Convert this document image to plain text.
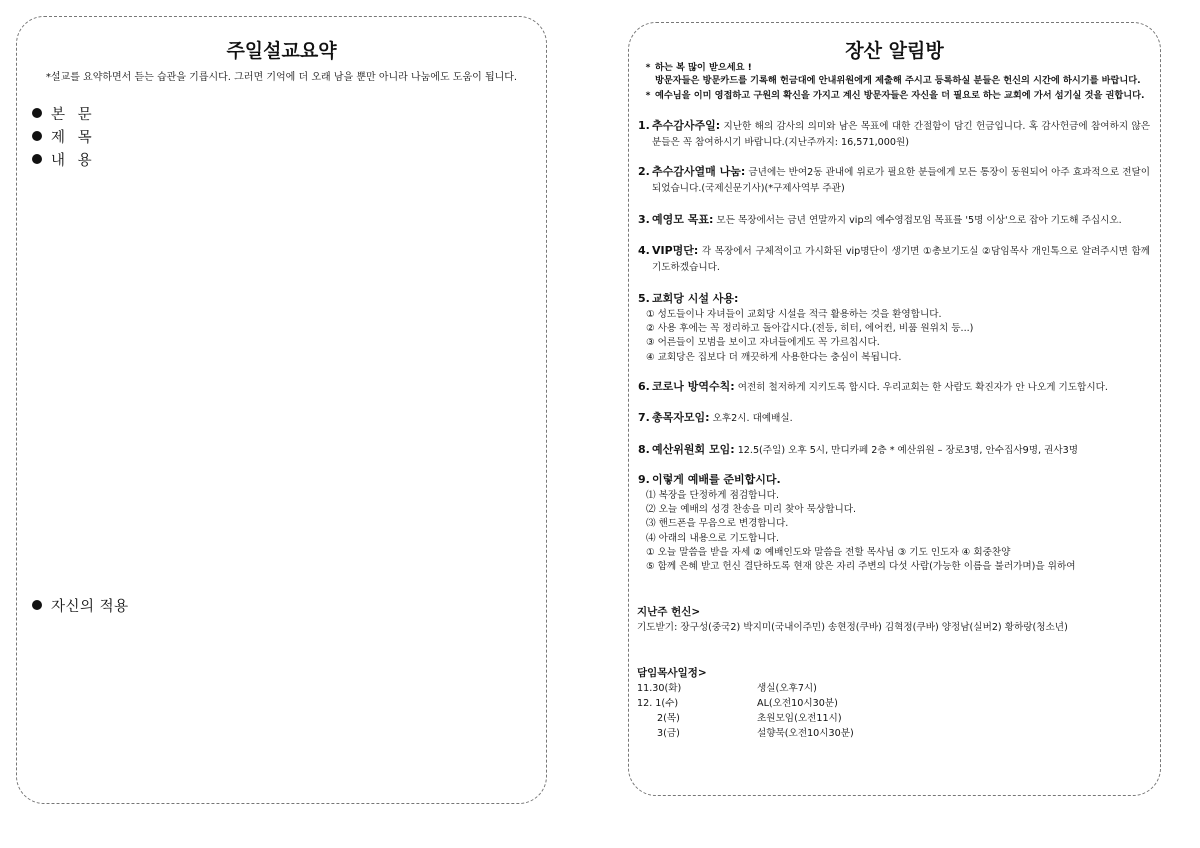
주일설교요약
*설교를 요약하면서 듣는 습관을 기릅시다. 그러면 기억에 더 오래 남을 뿐만 아니라 나눔에도 도움이 됩니다.
본 문
제 목
내 용
자신의 적용
장산 알림방
* 하는 복 많이 받으세요 !
방문자들은 방문카드를 기록해 헌금대에 안내위원에게 제출해 주시고 등록하실 분들은 헌신의 시간에 하시기를 바랍니다.
* 예수님을 이미 영접하고 구원의 확신을 가지고 계신 방문자들은 자신을 더 필요로 하는 교회에 가서 섬기실 것을 권합니다.
1. 추수감사주일: 지난한 해의 감사의 의미와 남은 목표에 대한 간절함이 담긴 헌금입니다. 혹 감사헌금에 참여하지 않은 분들은 꼭 참여하시기 바랍니다.(지난주까지: 16,571,000원)
2. 추수감사열매 나눔: 금년에는 반여2동 관내에 위로가 필요한 분들에게 모든 통장이 동원되어 아주 효과적으로 전달이 되었습니다.(국제신문기사)(*구제사역부 주관)
3. 예영모 목표: 모든 목장에서는 금년 연말까지 vip의 예수영접모임 목표를 '5명 이상'으로 잡아 기도해 주십시오.
4. VIP명단: 각 목장에서 구체적이고 가시화된 vip명단이 생기면 ①총보기도실 ②담임목사 개인톡으로 알려주시면 함께 기도하겠습니다.
5. 교회당 시설 사용:
① 성도들이나 자녀들이 교회당 시설을 적극 활용하는 것을 환영합니다.
② 사용 후에는 꼭 정리하고 돌아갑시다.(전등, 히터, 에어컨, 비품 원위치 등...)
③ 어른들이 모범을 보이고 자녀들에게도 꼭 가르칩시다.
④ 교회당은 집보다 더 깨끗하게 사용한다는 충심이 복됩니다.
6. 코로나 방역수칙: 여전히 철저하게 지키도록 합시다. 우리교회는 한 사람도 확진자가 안 나오게 기도합시다.
7. 총목자모임: 오후2시. 대예배실.
8. 예산위원회 모임: 12.5(주일) 오후 5시, 만디카페 2층 * 예산위원 – 장로3명, 안수집사9명, 권사3명
9. 이렇게 예배를 준비합시다.
⑴ 복장을 단정하게 점검합니다.
⑵ 오늘 예배의 성경 찬송을 미리 찾아 묵상합니다.
⑶ 핸드폰을 무음으로 변경합니다.
⑷ 아래의 내용으로 기도합니다.
① 오늘 말씀을 받을 자세 ② 예배인도와 말씀을 전할 목사님 ③ 기도 인도자 ④ 회중찬양
⑤ 함께 은혜 받고 헌신 결단하도록 현재 앉은 자리 주변의 다섯 사람(가능한 이름을 불러가며)을 위하여
지난주 헌신>
기도받기: 장구성(중국2) 박지미(국내이주민) 송현정(쿠바) 김혁정(쿠바) 양정남(실버2) 황하랑(청소년)
담임목사일정>
11.30(화)	생실(오후7시)
12. 1(수)	AL(오전10시30분)
2(목)	초원모임(오전11시)
3(금)	설향묵(오전10시30분)
